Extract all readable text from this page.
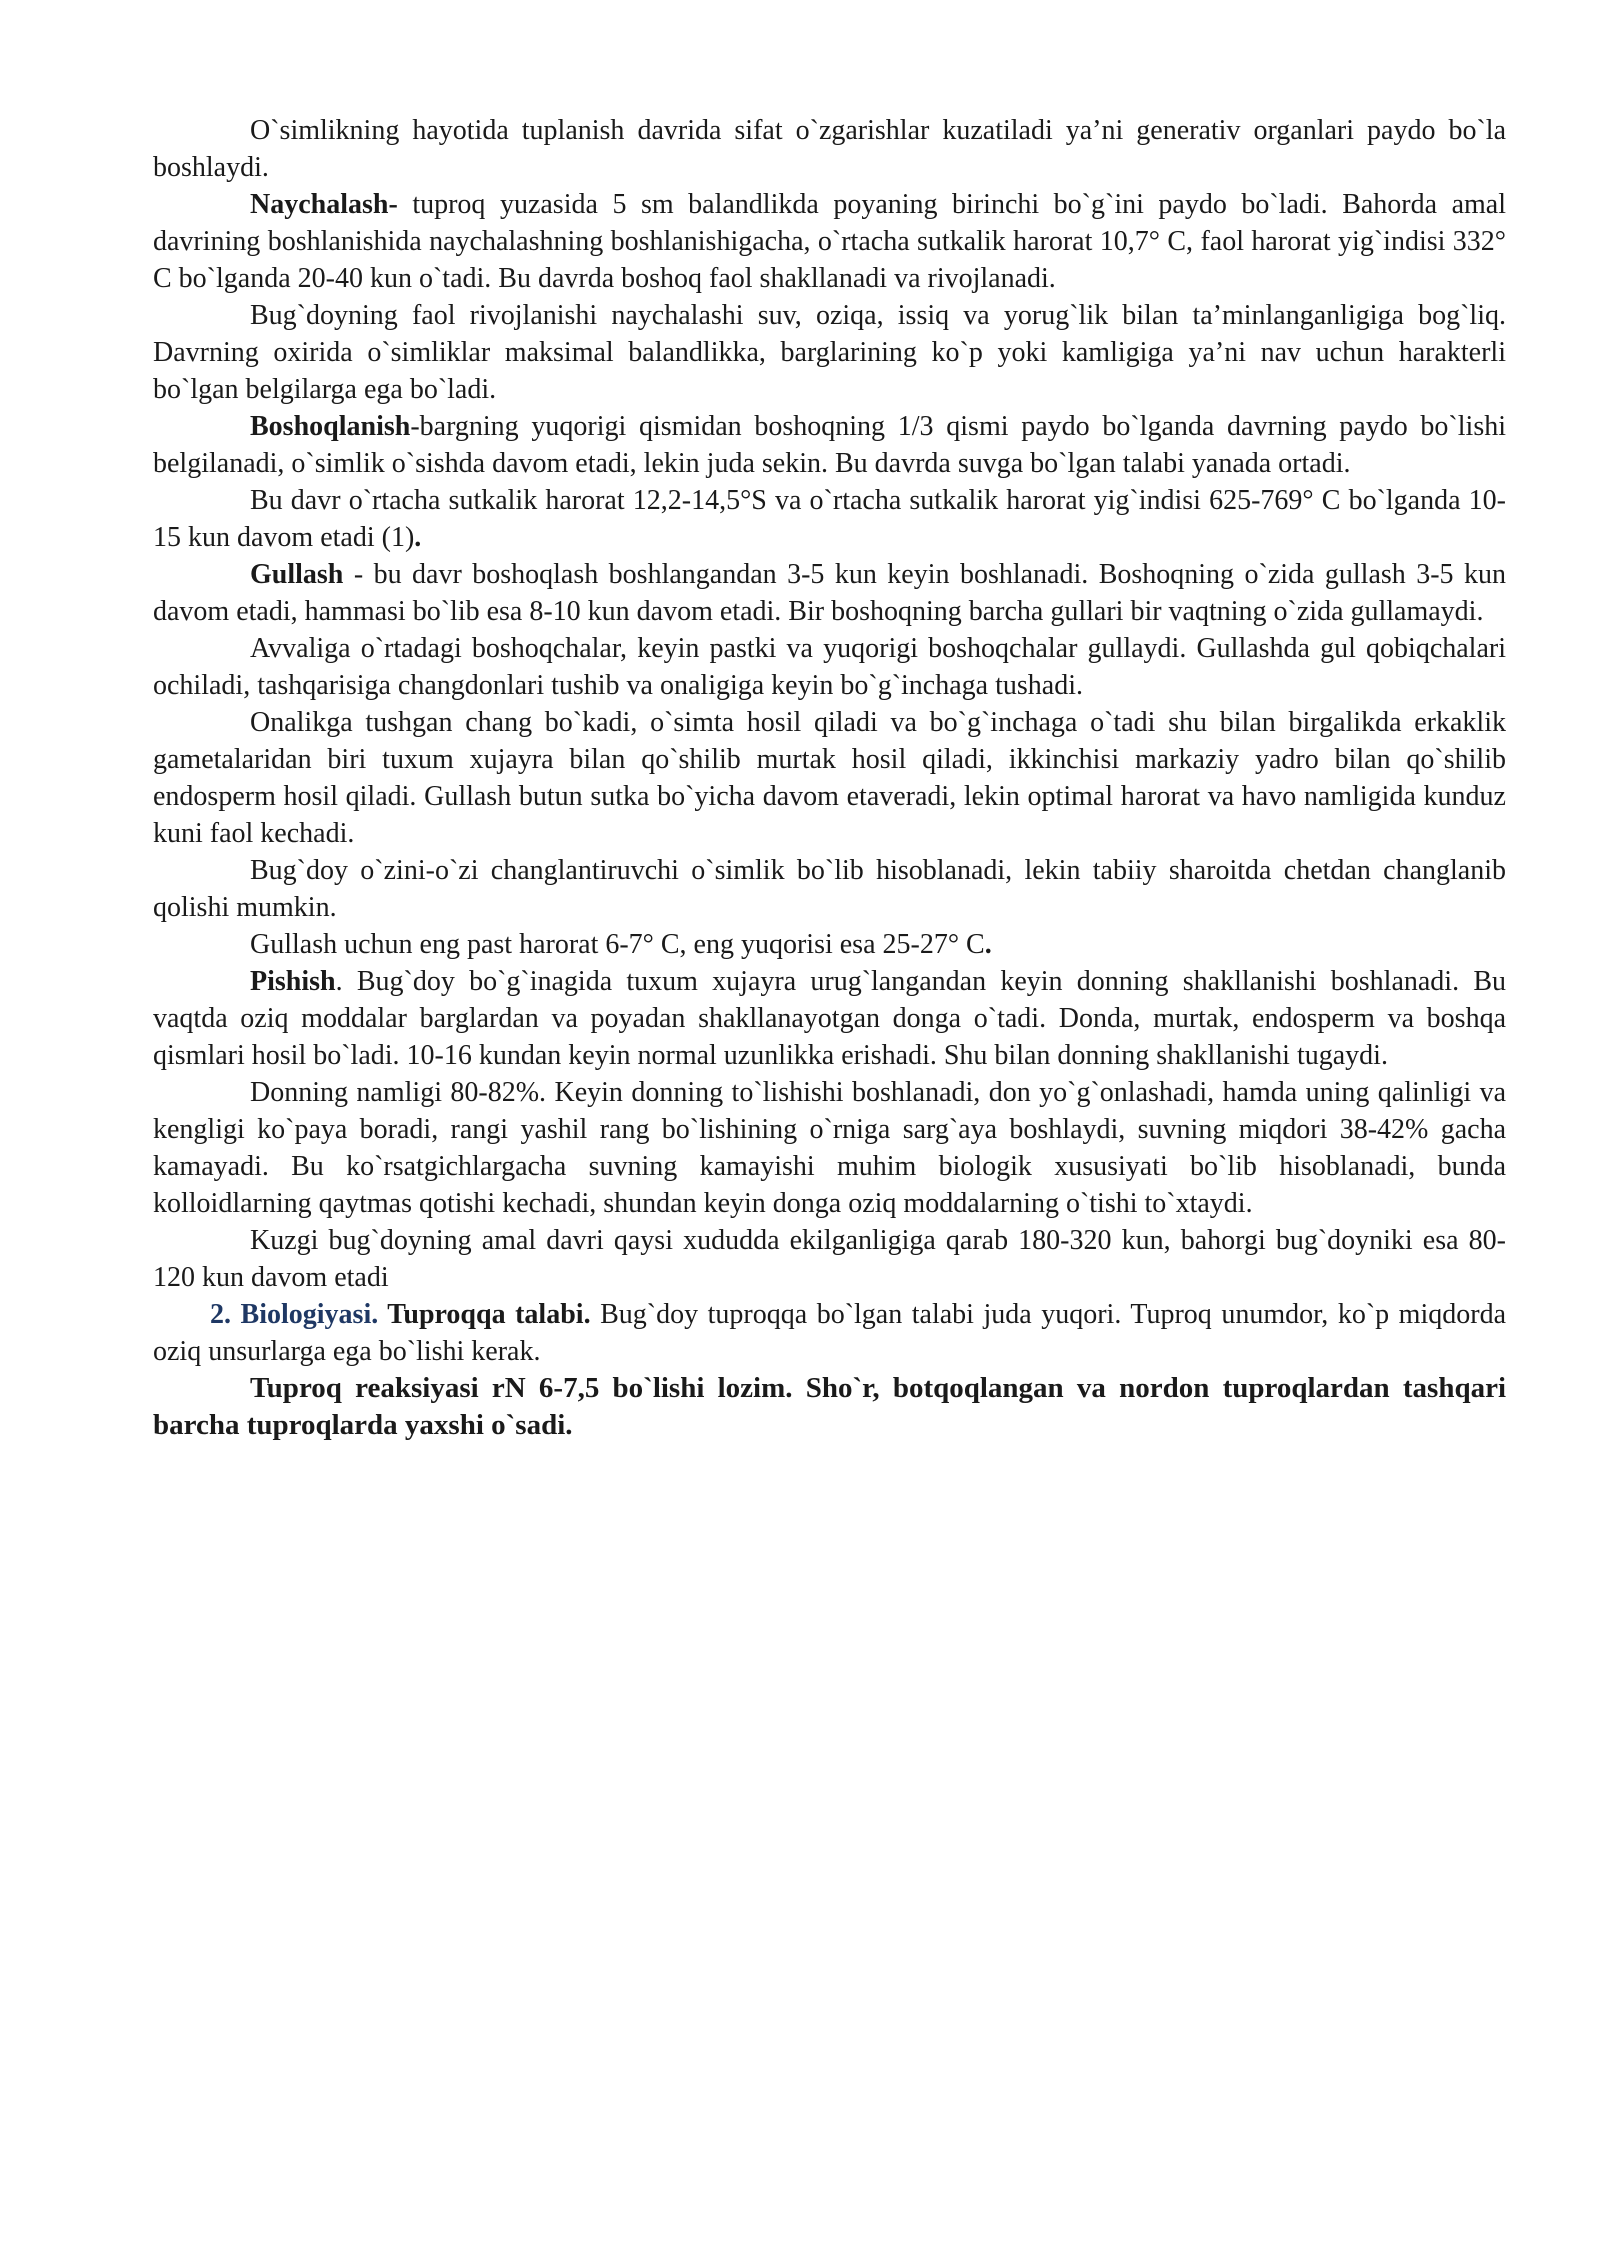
O`simlikning hayotida tuplanish davrida sifat o`zgarishlar kuzatiladi ya’ni generativ organlari paydo bo`la boshlaydi.

Naychalash- tuproq yuzasida 5 sm balandlikda poyaning birinchi bo`g`ini paydo bo`ladi. Bahorda amal davrining boshlanishida naychalashning boshlanishigacha, o`rtacha sutkalik harorat 10,7° C, faol harorat yig`indisi 332° C bo`lganda 20-40 kun o`tadi. Bu davrda boshoq faol shakllanadi va rivojlanadi.

Bug`doyning faol rivojlanishi naychalashi suv, oziqa, issiq va yorug`lik bilan ta’minlanganligiga bog`liq. Davrning oxirida o`simliklar maksimal balandlikka, barglarining ko`p yoki kamligiga ya’ni nav uchun harakterli bo`lgan belgilarga ega bo`ladi.

Boshoqlanish-bargning yuqorigi qismidan boshoqning 1/3 qismi paydo bo`lganda davrning paydo bo`lishi belgilanadi, o`simlik o`sishda davom etadi, lekin juda sekin. Bu davrda suvga bo`lgan talabi yanada ortadi.

Bu davr o`rtacha sutkalik harorat 12,2-14,5°S va o`rtacha sutkalik harorat yig`indisi 625-769° C bo`lganda 10-15 kun davom etadi (1).

Gullash - bu davr boshoqlash boshlangandan 3-5 kun keyin boshlanadi. Boshoqning o`zida gullash 3-5 kun davom etadi, hammasi bo`lib esa 8-10 kun davom etadi. Bir boshoqning barcha gullari bir vaqtning o`zida gullamaydi.

Avvaliga o`rtadagi boshoqchalar, keyin pastki va yuqorigi boshoqchalar gullaydi. Gullashda gul qobiqchalari ochiladi, tashqarisiga changdonlari tushib va onaligiga keyin bo`g`inchaga tushadi.

Onalikga tushgan chang bo`kadi, o`simta hosil qiladi va bo`g`inchaga o`tadi shu bilan birgalikda erkaklik gametalaridan biri tuxum xujayra bilan qo`shilib murtak hosil qiladi, ikkinchisi markaziy yadro bilan qo`shilib endosperm hosil qiladi. Gullash butun sutka bo`yicha davom etaveradi, lekin optimal harorat va havo namligida kunduz kuni faol kechadi.

Bug`doy o`zini-o`zi changlantiruvchi o`simlik bo`lib hisoblanadi, lekin tabiiy sharoitda chetdan changlanib qolishi mumkin.

Gullash uchun eng past harorat 6-7° C, eng yuqorisi esa 25-27° C.

Pishish. Bug`doy bo`g`inagida tuxum xujayra urug`langandan keyin donning shakllanishi boshlanadi. Bu vaqtda oziq moddalar barglardan va poyadan shakllanayotgan donga o`tadi. Donda, murtak, endosperm va boshqa qismlari hosil bo`ladi. 10-16 kundan keyin normal uzunlikka erishadi. Shu bilan donning shakllanishi tugaydi.

Donning namligi 80-82%. Keyin donning to`lishishi boshlanadi, don yo`g`onlashadi, hamda uning qalinligi va kengligi ko`paya boradi, rangi yashil rang bo`lishining o`rniga sarg`aya boshlaydi, suvning miqdori 38-42% gacha kamayadi. Bu ko`rsatgichlargacha suvning kamayishi muhim biologik xususiyati bo`lib hisoblanadi, bunda kolloidlarning qaytmas qotishi kechadi, shundan keyin donga oziq moddalarning o`tishi to`xtaydi.

Kuzgi bug`doyning amal davri qaysi xududda ekilganligiga qarab 180-320 kun, bahorgi bug`doyniki esa 80-120 kun davom etadi

2. Biologiyasi. Tuproqqa talabi. Bug`doy tuproqqa bo`lgan talabi juda yuqori. Tuproq unumdor, ko`p miqdorda oziq unsurlarga ega bo`lishi kerak.

Tuproq reaksiyasi rN 6-7,5 bo`lishi lozim. Sho`r, botqoqlangan va nordon tuproqlardan tashqari barcha tuproqlarda yaxshi o`sadi.
